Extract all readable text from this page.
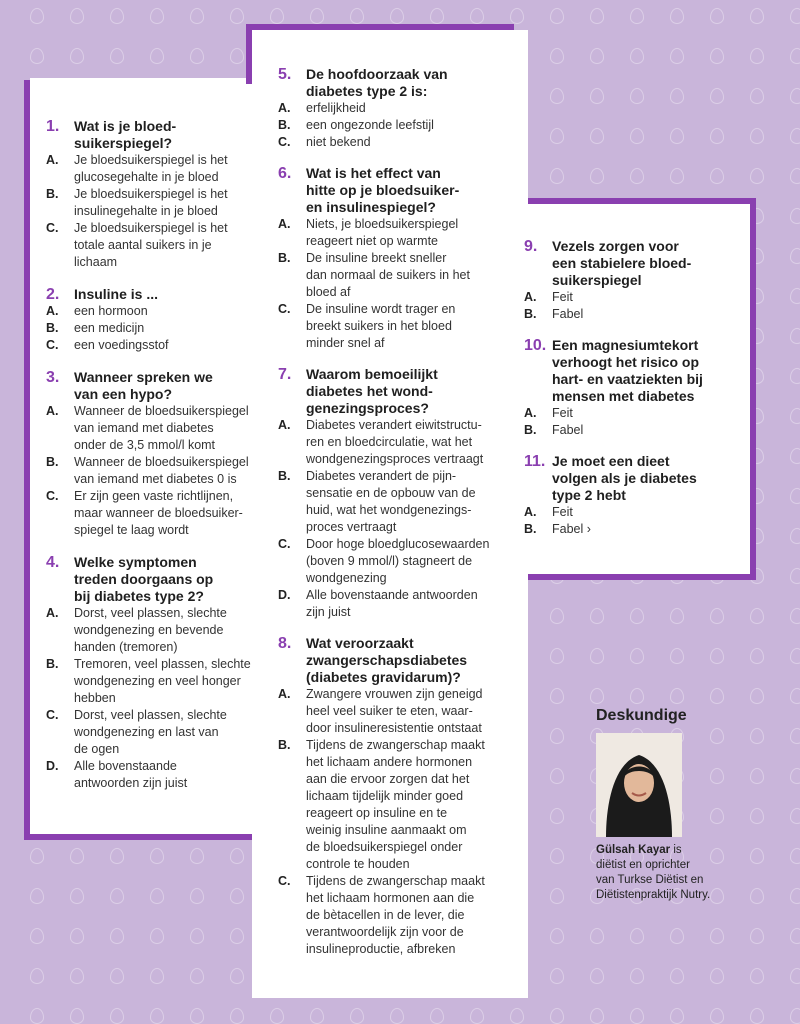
1.	Wat is je bloed-
suikerspiegel?
A.	Je bloedsuikerspiegel is het
glucosegehalte in je bloed
B.	Je bloedsuikerspiegel is het
insulinegehalte in je bloed
C.	Je bloedsuikerspiegel is het
totale aantal suikers in je
lichaam
2.	Insuline is ...
A.	een hormoon
B.	een medicijn
C.	een voedingsstof
3.	Wanneer spreken we
van een hypo?
A.	Wanneer de bloedsuikerspiegel
van iemand met diabetes
onder de 3,5 mmol/l komt
B.	Wanneer de bloedsuikerspiegel
van iemand met diabetes 0 is
C.	Er zijn geen vaste richtlijnen,
maar wanneer de bloedsuiker-
spiegel te laag wordt
4.	Welke symptomen
treden doorgaans op
bij diabetes type 2?
A.	Dorst, veel plassen, slechte
wondgenezing en bevende
handen (tremoren)
B.	Tremoren, veel plassen, slechte
wondgenezing en veel honger
hebben
C.	Dorst, veel plassen, slechte
wondgenezing en last van
de ogen
D.	Alle bovenstaande
antwoorden zijn juist
5.	De hoofdoorzaak van
diabetes type 2 is:
A.	erfelijkheid
B.	een ongezonde leefstijl
C.	niet bekend
6.	Wat is het effect van
hitte op je bloedsuiker-
en insulinespiegel?
A.	Niets, je bloedsuikerspiegel
reageert niet op warmte
B.	De insuline breekt sneller
dan normaal de suikers in het
bloed af
C.	De insuline wordt trager en
breekt suikers in het bloed
minder snel af
7.	Waarom bemoeilijkt
diabetes het wond-
genezingsproces?
A.	Diabetes verandert eiwitstructu-
ren en bloedcirculatie, wat het
wondgenezingsproces vertraagt
B.	Diabetes verandert de pijn-
sensatie en de opbouw van de
huid, wat het wondgenezings-
proces vertraagt
C.	Door hoge bloedglucosewaarden
(boven 9 mmol/l) stagneert de
wondgenezing
D.	Alle bovenstaande antwoorden
zijn juist
8.	Wat veroorzaakt
zwangerschapsdiabetes
(diabetes gravidarum)?
A.	Zwangere vrouwen zijn geneigd
heel veel suiker te eten, waar-
door insulineresistentie ontstaat
B.	Tijdens de zwangerschap maakt
het lichaam andere hormonen
aan die ervoor zorgen dat het
lichaam tijdelijk minder goed
reageert op insuline en te
weinig insuline aanmaakt om
de bloedsuikerspiegel onder
controle te houden
C.	Tijdens de zwangerschap maakt
het lichaam hormonen aan die
de bètacellen in de lever, die
verantwoordelijk zijn voor de
insulineproductie, afbreken
9.	Vezels zorgen voor
een stabielere bloed-
suikerspiegel
A.	Feit
B.	Fabel
10. Een magnesiumtekort
verhoogt het risico op
hart- en vaatziekten bij
mensen met diabetes
A.	Feit
B.	Fabel
11. Je moet een dieet
volgen als je diabetes
type 2 hebt
A.	Feit
B.	Fabel ›
Deskundige
Gülsah Kayar is
diëtist en oprichter
van Turkse Diëtist en
Diëtistenpraktijk Nutry.
